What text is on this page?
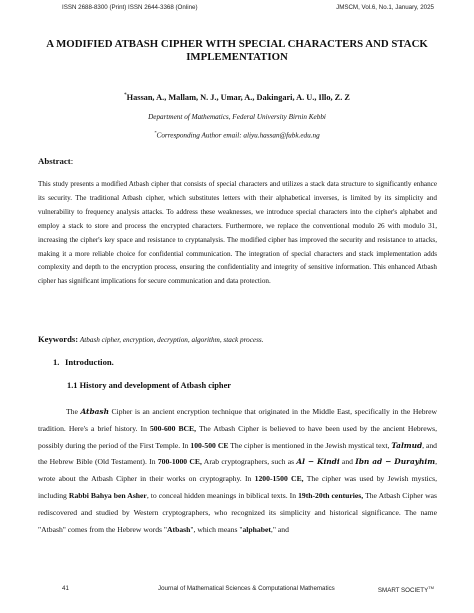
ISSN 2688-8300 (Print) ISSN 2644-3368 (Online)	JMSCM, Vol.6, No.1, January, 2025
A MODIFIED ATBASH CIPHER WITH SPECIAL CHARACTERS AND STACK
IMPLEMENTATION
*Hassan, A., Mallam, N. J., Umar, A., Dakingari, A. U., Illo, Z. Z
Department of Mathematics, Federal University Birnin Kebbi
*Corresponding Author email: aliyu.hassan@fubk.edu.ng
Abstract:
This study presents a modified Atbash cipher that consists of special characters and utilizes a stack data structure to significantly enhance its security. The traditional Atbash cipher, which substitutes letters with their alphabetical inverses, is limited by its simplicity and vulnerability to frequency analysis attacks. To address these weaknesses, we introduce special characters into the cipher's alphabet and employ a stack to store and process the encrypted characters. Furthermore, we replace the conventional modulo 26 with modulo 31, increasing the cipher's key space and resistance to cryptanalysis. The modified cipher has improved the security and resistance to attacks, making it a more reliable choice for confidential communication. The integration of special characters and stack implementation adds complexity and depth to the encryption process, ensuring the confidentiality and integrity of sensitive information. This enhanced Atbash cipher has significant implications for secure communication and data protection.
Keywords: Atbash cipher, encryption, decryption, algorithm, stack process.
1. Introduction.
1.1 History and development of Atbash cipher
The Atbash Cipher is an ancient encryption technique that originated in the Middle East, specifically in the Hebrew tradition. Here's a brief history. In 500-600 BCE, The Atbash Cipher is believed to have been used by the ancient Hebrews, possibly during the period of the First Temple. In 100-500 CE The cipher is mentioned in the Jewish mystical text, Talmud, and the Hebrew Bible (Old Testament). In 700-1000 CE, Arab cryptographers, such as Al − Kindi and Ibn ad − Durayhim, wrote about the Atbash Cipher in their works on cryptography. In 1200-1500 CE, The cipher was used by Jewish mystics, including Rabbi Bahya ben Asher, to conceal hidden meanings in biblical texts. In 19th-20th centuries, The Atbash Cipher was rediscovered and studied by Western cryptographers, who recognized its simplicity and historical significance. The name "Atbash" comes from the Hebrew words "Atbash", which means "alphabet," and
41	Journal of Mathematical Sciences & Computational Mathematics	SMART SOCIETY™
